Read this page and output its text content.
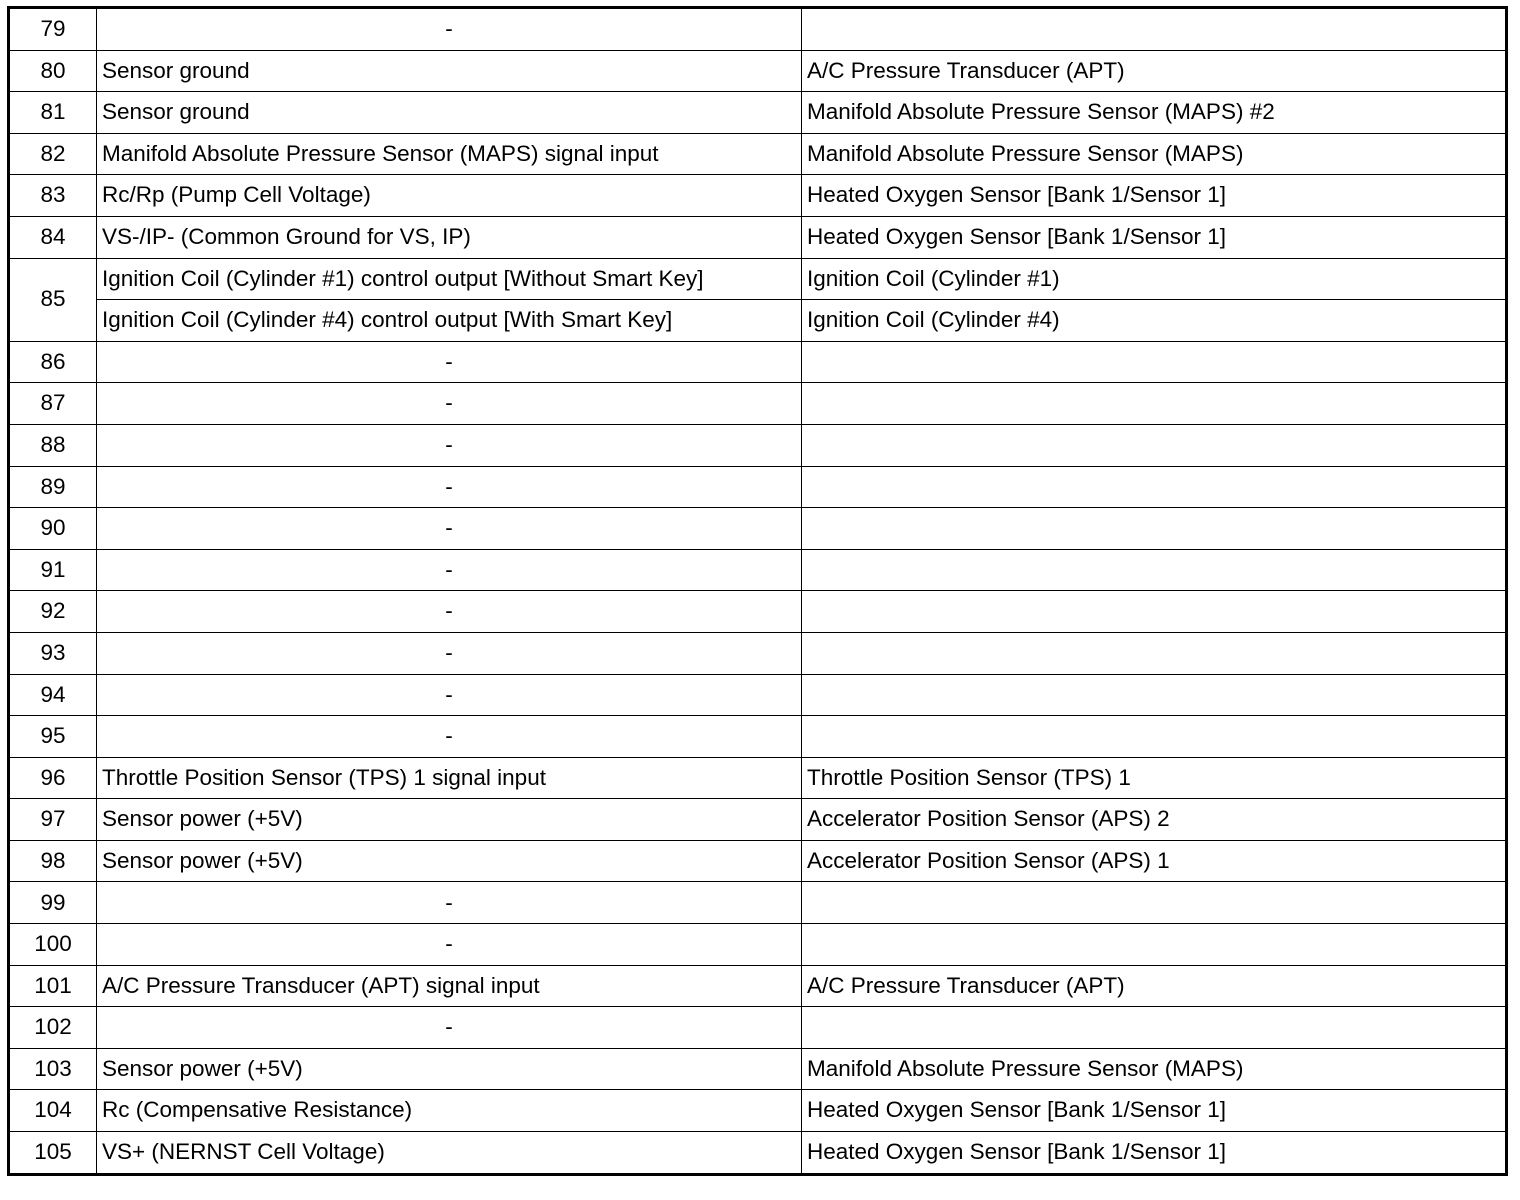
79	-	
80	Sensor ground	A/C Pressure Transducer (APT)
81	Sensor ground	Manifold Absolute Pressure Sensor (MAPS) #2
82	Manifold Absolute Pressure Sensor (MAPS) signal input	Manifold Absolute Pressure Sensor (MAPS)
83	Rc/Rp (Pump Cell Voltage)	Heated Oxygen Sensor [Bank 1/Sensor 1]
84	VS-/IP- (Common Ground for VS, IP)	Heated Oxygen Sensor [Bank 1/Sensor 1]
85	Ignition Coil (Cylinder #1) control output [Without Smart Key]	Ignition Coil (Cylinder #1)
	Ignition Coil (Cylinder #4) control output [With Smart Key]	Ignition Coil (Cylinder #4)
86	-	
87	-	
88	-	
89	-	
90	-	
91	-	
92	-	
93	-	
94	-	
95	-	
96	Throttle Position Sensor (TPS) 1 signal input	Throttle Position Sensor (TPS) 1
97	Sensor power (+5V)	Accelerator Position Sensor (APS) 2
98	Sensor power (+5V)	Accelerator Position Sensor (APS) 1
99	-	
100	-	
101	A/C Pressure Transducer (APT) signal input	A/C Pressure Transducer (APT)
102	-	
103	Sensor power (+5V)	Manifold Absolute Pressure Sensor (MAPS)
104	Rc (Compensative Resistance)	Heated Oxygen Sensor [Bank 1/Sensor 1]
105	VS+ (NERNST Cell Voltage)	Heated Oxygen Sensor [Bank 1/Sensor 1]
